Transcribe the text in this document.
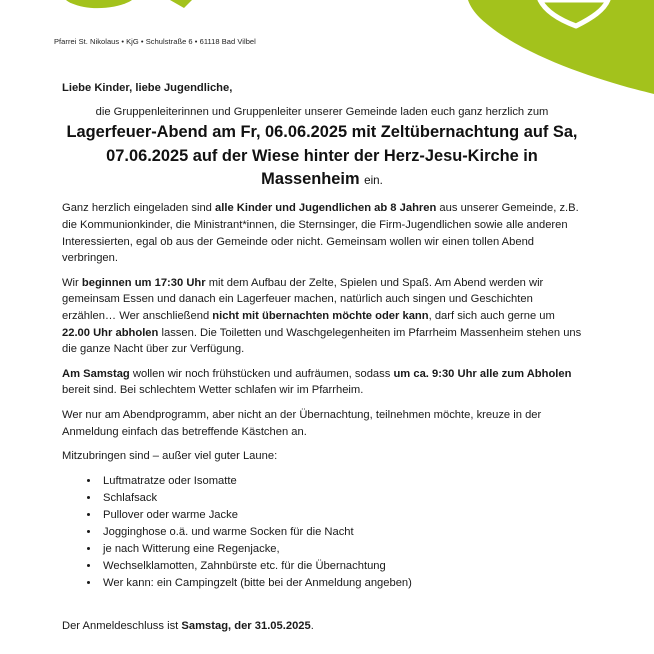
Pfarrei St. Nikolaus • KjG • Schulstraße 6 • 61118 Bad Vilbel
Liebe Kinder, liebe Jugendliche,
die Gruppenleiterinnen und Gruppenleiter unserer Gemeinde laden euch ganz herzlich zum
Lagerfeuer-Abend am Fr, 06.06.2025 mit Zeltübernachtung auf Sa, 07.06.2025 auf der Wiese hinter der Herz-Jesu-Kirche in Massenheim ein.

Ganz herzlich eingeladen sind alle Kinder und Jugendlichen ab 8 Jahren aus unserer Gemeinde, z.B. die Kommunionkinder, die Ministrant*innen, die Sternsinger, die Firm-Jugendlichen sowie alle anderen Interessierten, egal ob aus der Gemeinde oder nicht. Gemeinsam wollen wir einen tollen Abend verbringen.

Wir beginnen um 17:30 Uhr mit dem Aufbau der Zelte, Spielen und Spaß. Am Abend werden wir gemeinsam Essen und danach ein Lagerfeuer machen, natürlich auch singen und Geschichten erzählen… Wer anschließend nicht mit übernachten möchte oder kann, darf sich auch gerne um 22.00 Uhr abholen lassen. Die Toiletten und Waschgelegenheiten im Pfarrheim Massenheim stehen uns die ganze Nacht über zur Verfügung.

Am Samstag wollen wir noch frühstücken und aufräumen, sodass um ca. 9:30 Uhr alle zum Abholen bereit sind. Bei schlechtem Wetter schlafen wir im Pfarrheim.

Wer nur am Abendprogramm, aber nicht an der Übernachtung, teilnehmen möchte, kreuze in der Anmeldung einfach das betreffende Kästchen an.

Mitzubringen sind – außer viel guter Laune:

• Luftmatratze oder Isomatte
• Schlafsack
• Pullover oder warme Jacke
• Jogginghose o.ä. und warme Socken für die Nacht
• je nach Witterung eine Regenjacke,
• Wechselklamotten, Zahnbürste etc. für die Übernachtung
• Wer kann: ein Campingzelt (bitte bei der Anmeldung angeben)

Der Anmeldeschluss ist Samstag, der 31.05.2025.
